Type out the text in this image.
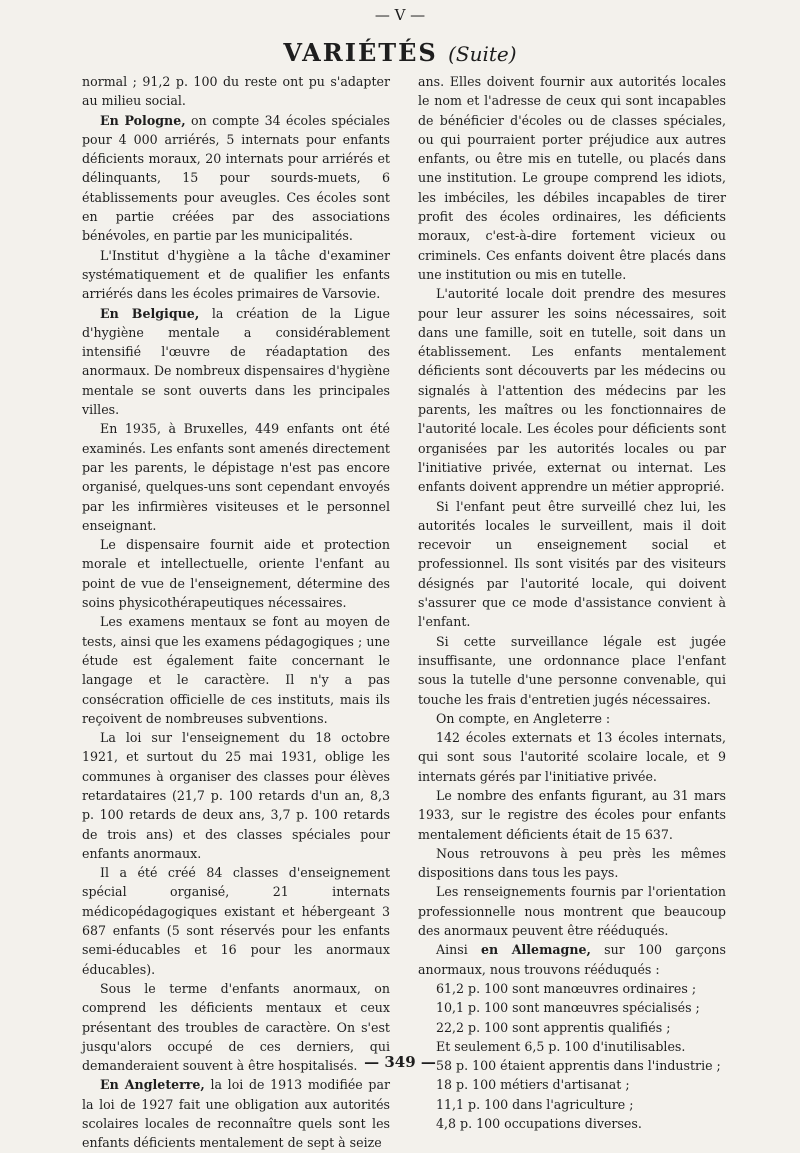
— V —
VARIÉTÉS (Suite)

normal ; 91,2 p. 100 du reste ont pu s'adapter au milieu social.

En Pologne, on compte 34 écoles spéciales pour 4 000 arriérés, 5 internats pour enfants déficients moraux, 20 internats pour arriérés et délinquants, 15 pour sourds-muets, 6 établissements pour aveugles. Ces écoles sont en partie créées par des associations bénévoles, en partie par les municipalités.

L'Institut d'hygiène a la tâche d'examiner systématiquement et de qualifier les enfants arriérés dans les écoles primaires de Varsovie.

En Belgique, la création de la Ligue d'hygiène mentale a considérablement intensifié l'œuvre de réadaptation des anormaux. De nombreux dispensaires d'hygiène mentale se sont ouverts dans les principales villes.

En 1935, à Bruxelles, 449 enfants ont été examinés. Les enfants sont amenés directement par les parents, le dépistage n'est pas encore organisé, quelques-uns sont cependant envoyés par les infirmières visiteuses et le personnel enseignant.

Le dispensaire fournit aide et protection morale et intellectuelle, oriente l'enfant au point de vue de l'enseignement, détermine des soins physicothérapeutiques nécessaires.

Les examens mentaux se font au moyen de tests, ainsi que les examens pédagogiques ; une étude est également faite concernant le langage et le caractère. Il n'y a pas consécration officielle de ces instituts, mais ils reçoivent de nombreuses subventions.

La loi sur l'enseignement du 18 octobre 1921, et surtout du 25 mai 1931, oblige les communes à organiser des classes pour élèves retardataires (21,7 p. 100 retards d'un an, 8,3 p. 100 retards de deux ans, 3,7 p. 100 retards de trois ans) et des classes spéciales pour enfants anormaux.

Il a été créé 84 classes d'enseignement spécial organisé, 21 internats médicopédagogiques existant et hébergeant 3 687 enfants (5 sont réservés pour les enfants semi-éducables et 16 pour les anormaux éducables).

Sous le terme d'enfants anormaux, on comprend les déficients mentaux et ceux présentant des troubles de caractère. On s'est jusqu'alors occupé de ces derniers, qui demanderaient souvent à être hospitalisés.

En Angleterre, la loi de 1913 modifiée par la loi de 1927 fait une obligation aux autorités scolaires locales de reconnaître quels sont les enfants déficients mentalement de sept à seize

ans. Elles doivent fournir aux autorités locales le nom et l'adresse de ceux qui sont incapables de bénéficier d'écoles ou de classes spéciales, ou qui pourraient porter préjudice aux autres enfants, ou être mis en tutelle, ou placés dans une institution. Le groupe comprend les idiots, les imbéciles, les débiles incapables de tirer profit des écoles ordinaires, les déficients moraux, c'est-à-dire fortement vicieux ou criminels. Ces enfants doivent être placés dans une institution ou mis en tutelle.

L'autorité locale doit prendre des mesures pour leur assurer les soins nécessaires, soit dans une famille, soit en tutelle, soit dans un établissement. Les enfants mentalement déficients sont découverts par les médecins ou signalés à l'attention des médecins par les parents, les maîtres ou les fonctionnaires de l'autorité locale. Les écoles pour déficients sont organisées par les autorités locales ou par l'initiative privée, externat ou internat. Les enfants doivent apprendre un métier approprié.

Si l'enfant peut être surveillé chez lui, les autorités locales le surveillent, mais il doit recevoir un enseignement social et professionnel. Ils sont visités par des visiteurs désignés par l'autorité locale, qui doivent s'assurer que ce mode d'assistance convient à l'enfant.

Si cette surveillance légale est jugée insuffisante, une ordonnance place l'enfant sous la tutelle d'une personne convenable, qui touche les frais d'entretien jugés nécessaires.

On compte, en Angleterre :

142 écoles externats et 13 écoles internats, qui sont sous l'autorité scolaire locale, et 9 internats gérés par l'initiative privée.

Le nombre des enfants figurant, au 31 mars 1933, sur le registre des écoles pour enfants mentalement déficients était de 15 637.

Nous retrouvons à peu près les mêmes dispositions dans tous les pays.

Les renseignements fournis par l'orientation professionnelle nous montrent que beaucoup des anormaux peuvent être rééduqués.

Ainsi en Allemagne, sur 100 garçons anormaux, nous trouvons rééduqués :

61,2 p. 100 sont manœuvres ordinaires ;

10,1 p. 100 sont manœuvres spécialisés ;

22,2 p. 100 sont apprentis qualifiés ;

Et seulement 6,5 p. 100 d'inutilisables.

58 p. 100 étaient apprentis dans l'industrie ;

18 p. 100 métiers d'artisanat ;

11,1 p. 100 dans l'agriculture ;

4,8 p. 100 occupations diverses.

— 349 —
